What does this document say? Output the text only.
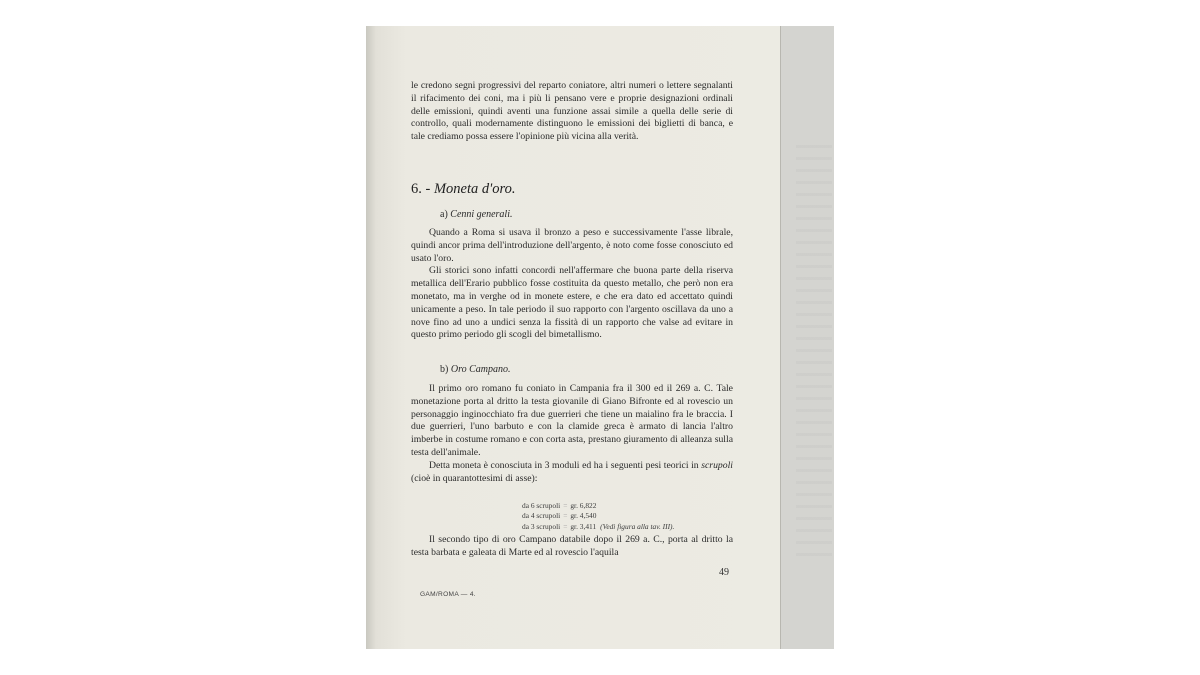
le credono segni progressivi del reparto coniatore, altri numeri o lettere segnalanti il rifacimento dei coni, ma i più li pensano vere e proprie designazioni ordinali delle emissioni, quindi aventi una funzione assai simile a quella delle serie di controllo, quali modernamente distinguono le emissioni dei biglietti di banca, e tale crediamo possa essere l'opinione più vicina alla verità.

6. - Moneta d'oro.
a) Cenni generali.

Quando a Roma si usava il bronzo a peso e successivamente l'asse librale, quindi ancor prima dell'introduzione dell'argento, è noto come fosse conosciuto ed usato l'oro.

Gli storici sono infatti concordi nell'affermare che buona parte della riserva metallica dell'Erario pubblico fosse costituita da questo metallo, che però non era monetato, ma in verghe od in monete estere, e che era dato ed accettato quindi unicamente a peso. In tale periodo il suo rapporto con l'argento oscillava da uno a nove fino ad uno a undici senza la fissità di un rapporto che valse ad evitare in questo primo periodo gli scogli del bimetallismo.

b) Oro Campano.

Il primo oro romano fu coniato in Campania fra il 300 ed il 269 a. C. Tale monetazione porta al dritto la testa giovanile di Giano Bifronte ed al rovescio un personaggio inginocchiato fra due guerrieri che tiene un maialino fra le braccia. I due guerrieri, l'uno barbuto e con la clamide greca è armato di lancia l'altro imberbe in costume romano e con corta asta, prestano giuramento di alleanza sulla testa dell'animale.

Detta moneta è conosciuta in 3 moduli ed ha i seguenti pesi teorici in scrupoli (cioè in quarantottesimi di asse):

da 6 scrupoli = gr. 6,822
da 4 scrupoli = gr. 4,540
da 3 scrupoli = gr. 3,411 (Vedi figura alla tav. III).

Il secondo tipo di oro Campano databile dopo il 269 a. C., porta al dritto la testa barbata e galeata di Marte ed al rovescio l'aquila

49
GAM/ROMA — 4.
